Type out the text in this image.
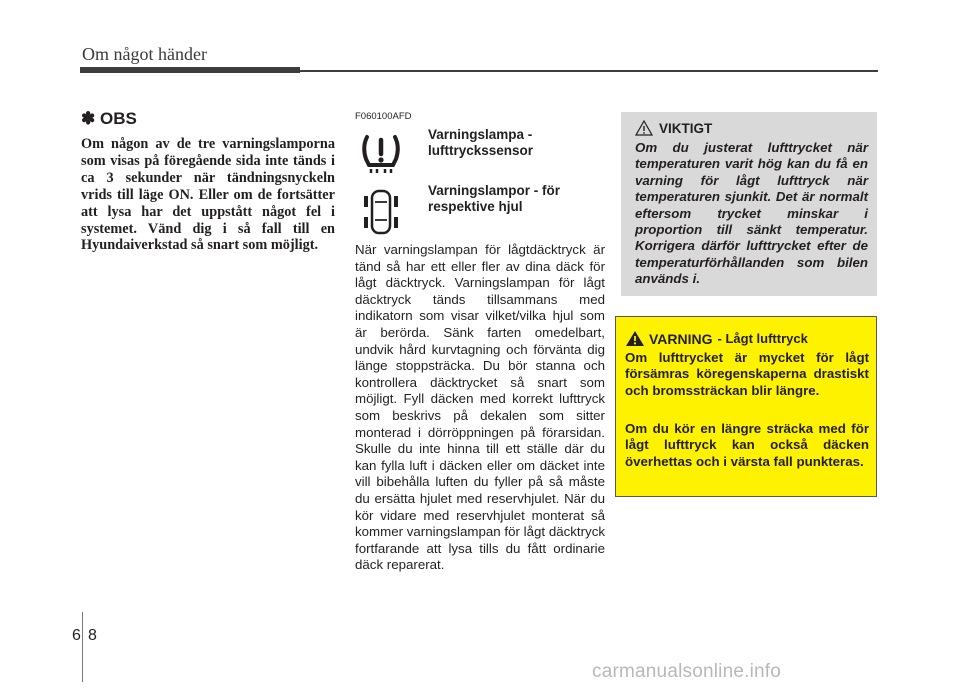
Om något händer
✽ OBS
Om någon av de tre varningslamporna som visas på föregående sida inte tänds i ca 3 sekunder när tändningsnyckeln vrids till läge ON. Eller om de fortsätter att lysa har det uppstått något fel i systemet. Vänd dig i så fall till en Hyundaiverkstad så snart som möjligt.
F060100AFD
Varningslampa - lufttryckssensor
Varningslampor - för respektive hjul
När varningslampan för lågtdäcktryck är tänd så har ett eller fler av dina däck för lågt däcktryck. Varningslampan för lågt däcktryck tänds tillsammans med indikatorn som visar vilket/vilka hjul som är berörda. Sänk farten omedelbart, undvik hård kurvtagning och förvänta dig länge stoppsträcka. Du bör stanna och kontrollera däcktrycket så snart som möjligt. Fyll däcken med korrekt lufttryck som beskrivs på dekalen som sitter monterad i dörröppningen på förarsidan. Skulle du inte hinna till ett ställe där du kan fylla luft i däcken eller om däcket inte vill bibehålla luften du fyller på så måste du ersätta hjulet med reservhjulet. När du kör vidare med reservhjulet monterat så kommer varningslampan för lågt däcktryck fortfarande att lysa tills du fått ordinarie däck reparerat.
VIKTIGT
Om du justerat lufttrycket när temperaturen varit hög kan du få en varning för lågt lufttryck när temperaturen sjunkit. Det är normalt eftersom trycket minskar i proportion till sänkt temperatur. Korrigera därför lufttrycket efter de temperaturförhållanden som bilen används i.
VARNING - Lågt lufttryck
Om lufttrycket är mycket för lågt försämras köregenskaperna drastiskt och bromssträckan blir längre.
Om du kör en längre sträcka med för lågt lufttryck kan också däcken överhettas och i värsta fall punkteras.
6 8
carmanualsonline.info
